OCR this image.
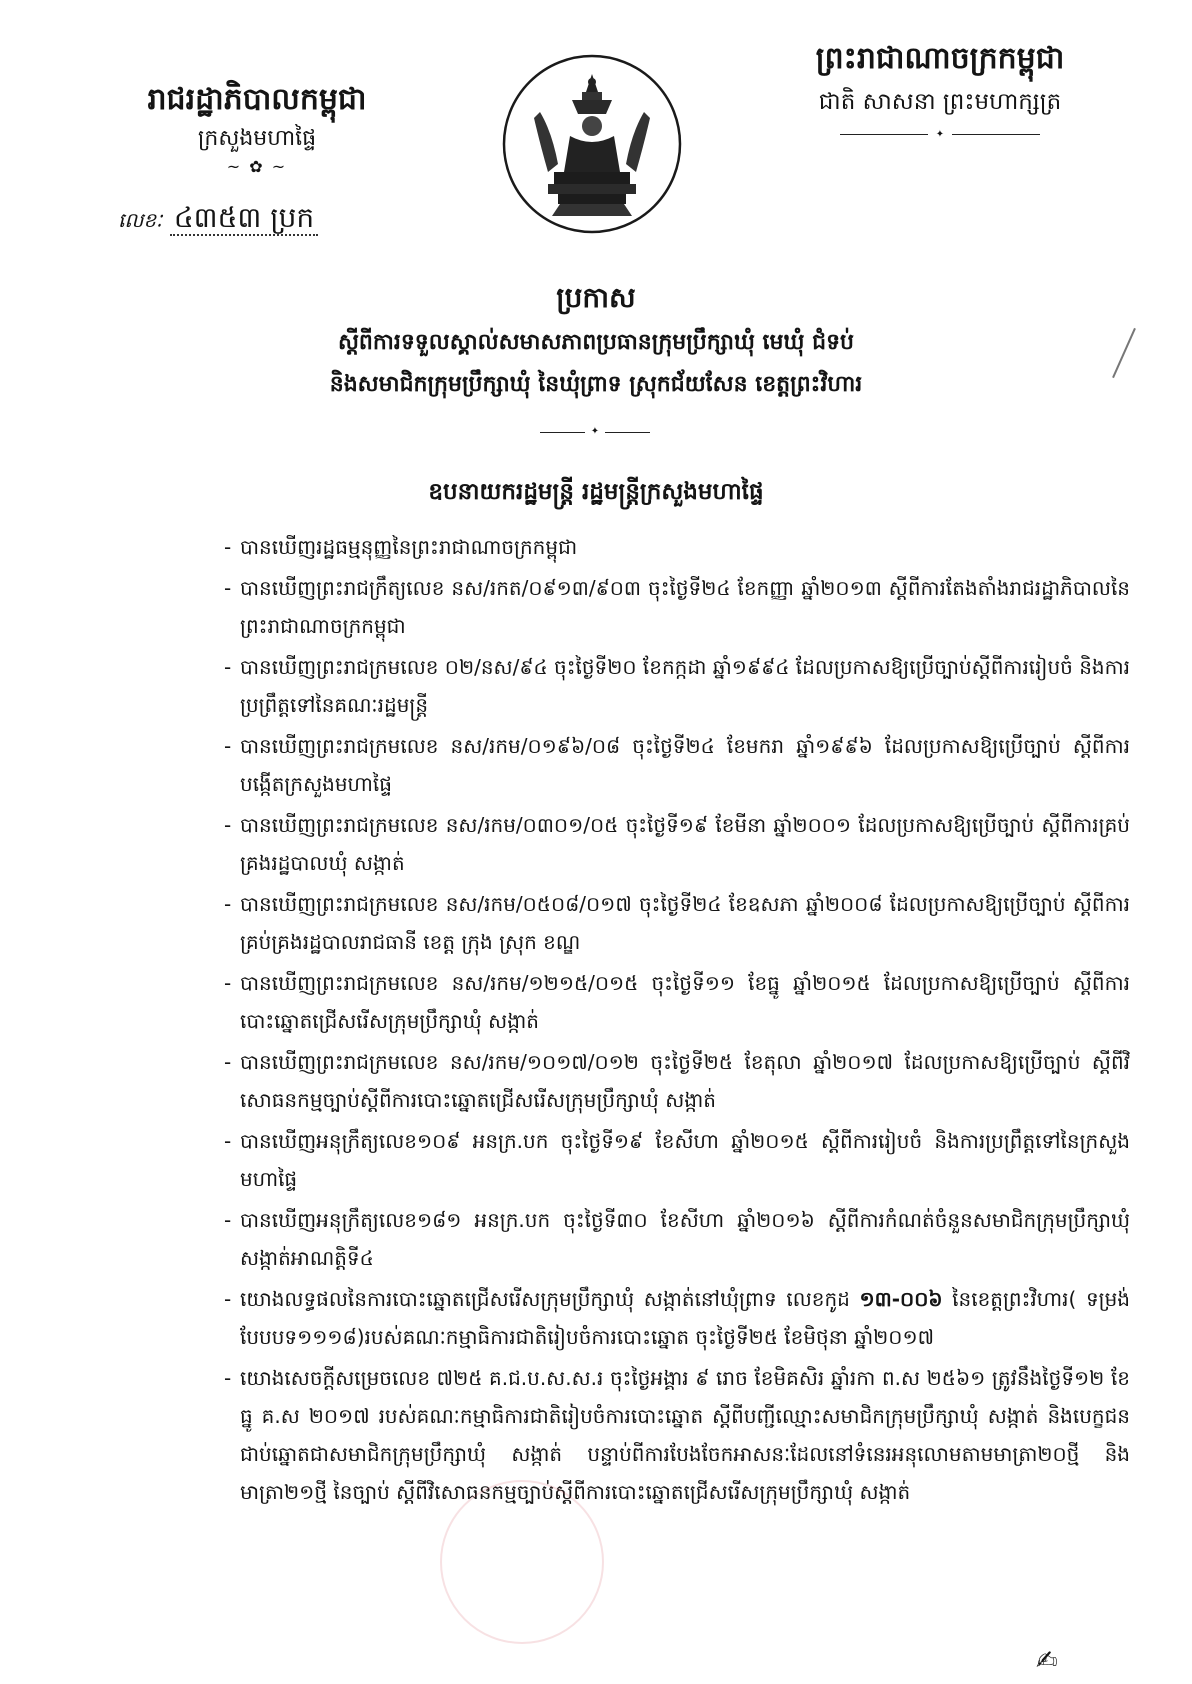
រាជរដ្ឋាភិបាលកម្ពុជា

ក្រសួងមហាផ្ទៃ

~ ✿ ~
លេខៈ ៤៣៥៣ ប្រក

ព្រះរាជាណាចក្រកម្ពុជា

ជាតិ សាសនា ព្រះមហាក្សត្រ

✦

ប្រកាស

ស្តីពីការទទួលស្គាល់សមាសភាពប្រធានក្រុមប្រឹក្សាឃុំ មេឃុំ ជំទប់

និងសមាជិកក្រុមប្រឹក្សាឃុំ នៃឃុំព្រាទ ស្រុកជ័យសែន ខេត្តព្រះវិហារ

✦

ឧបនាយករដ្ឋមន្ត្រី រដ្ឋមន្ត្រីក្រសួងមហាផ្ទៃ

- បានឃើញរដ្ឋធម្មនុញ្ញនៃព្រះរាជាណាចក្រកម្ពុជា
- បានឃើញព្រះរាជក្រឹត្យលេខ នស/រកត/០៩១៣/៩០៣ ចុះថ្ងៃទី២៤ ខែកញ្ញា ឆ្នាំ២០១៣ ស្តីពីការតែងតាំងរាជរដ្ឋាភិបាលនៃព្រះរាជាណាចក្រកម្ពុជា
- បានឃើញព្រះរាជក្រមលេខ ០២/នស/៩៤ ចុះថ្ងៃទី២០ ខែកក្កដា ឆ្នាំ១៩៩៤ ដែលប្រកាសឱ្យប្រើច្បាប់ស្តីពីការរៀបចំ និងការប្រព្រឹត្តទៅនៃគណៈរដ្ឋមន្ត្រី
- បានឃើញព្រះរាជក្រមលេខ នស/រកម/០១៩៦/០៨ ចុះថ្ងៃទី២៤ ខែមករា ឆ្នាំ១៩៩៦ ដែលប្រកាសឱ្យប្រើច្បាប់ ស្តីពីការបង្កើតក្រសួងមហាផ្ទៃ
- បានឃើញព្រះរាជក្រមលេខ នស/រកម/០៣០១/០៥ ចុះថ្ងៃទី១៩ ខែមីនា ឆ្នាំ២០០១ ដែលប្រកាសឱ្យប្រើច្បាប់ ស្តីពីការគ្រប់គ្រងរដ្ឋបាលឃុំ សង្កាត់
- បានឃើញព្រះរាជក្រមលេខ នស/រកម/០៥០៨/០១៧ ចុះថ្ងៃទី២៤ ខែឧសភា ឆ្នាំ២០០៨ ដែលប្រកាសឱ្យប្រើច្បាប់ ស្តីពីការគ្រប់គ្រងរដ្ឋបាលរាជធានី ខេត្ត ក្រុង ស្រុក ខណ្ឌ
- បានឃើញព្រះរាជក្រមលេខ នស/រកម/១២១៥/០១៥ ចុះថ្ងៃទី១១ ខែធ្នូ ឆ្នាំ២០១៥ ដែលប្រកាសឱ្យប្រើច្បាប់ ស្តីពីការបោះឆ្នោតជ្រើសរើសក្រុមប្រឹក្សាឃុំ សង្កាត់
- បានឃើញព្រះរាជក្រមលេខ នស/រកម/១០១៧/០១២ ចុះថ្ងៃទី២៥ ខែតុលា ឆ្នាំ២០១៧ ដែលប្រកាសឱ្យប្រើច្បាប់ ស្តីពីវិសោធនកម្មច្បាប់ស្តីពីការបោះឆ្នោតជ្រើសរើសក្រុមប្រឹក្សាឃុំ សង្កាត់
- បានឃើញអនុក្រឹត្យលេខ១០៩ អនក្រ.បក ចុះថ្ងៃទី១៩ ខែសីហា ឆ្នាំ២០១៥ ស្តីពីការរៀបចំ និងការប្រព្រឹត្តទៅនៃក្រសួងមហាផ្ទៃ
- បានឃើញអនុក្រឹត្យលេខ១៨១ អនក្រ.បក ចុះថ្ងៃទី៣០ ខែសីហា ឆ្នាំ២០១៦ ស្តីពីការកំណត់ចំនួនសមាជិកក្រុមប្រឹក្សាឃុំ សង្កាត់អាណត្តិទី៤
- យោងលទ្ធផលនៃការបោះឆ្នោតជ្រើសរើសក្រុមប្រឹក្សាឃុំ សង្កាត់នៅឃុំព្រាទ លេខកូដ ១៣-០០៦ នៃខេត្តព្រះវិហារ( ទម្រង់បែបបទ១១១៨)របស់គណៈកម្មាធិការជាតិរៀបចំការបោះឆ្នោត ចុះថ្ងៃទី២៥ ខែមិថុនា ឆ្នាំ២០១៧
- យោងសេចក្តីសម្រេចលេខ ៧២៥ គ.ជ.ប.ស.ស.រ ចុះថ្ងៃអង្គារ ៩ រោច ខែមិគសិរ ឆ្នាំរកា ព.ស ២៥៦១ ត្រូវនឹងថ្ងៃទី១២ ខែធ្នូ គ.ស ២០១៧ របស់គណៈកម្មាធិការជាតិរៀបចំការបោះឆ្នោត ស្តីពីបញ្ជីឈ្មោះសមាជិកក្រុមប្រឹក្សាឃុំ សង្កាត់ និងបេក្ខជនជាប់ឆ្នោតជាសមាជិកក្រុមប្រឹក្សាឃុំ សង្កាត់ បន្ទាប់ពីការបែងចែកអាសនៈដែលនៅទំនេរអនុលោមតាមមាត្រា២០ថ្មី និងមាត្រា២១ថ្មី នៃច្បាប់ ស្តីពីវិសោធនកម្មច្បាប់ស្តីពីការបោះឆ្នោតជ្រើសរើសក្រុមប្រឹក្សាឃុំ សង្កាត់
✍
